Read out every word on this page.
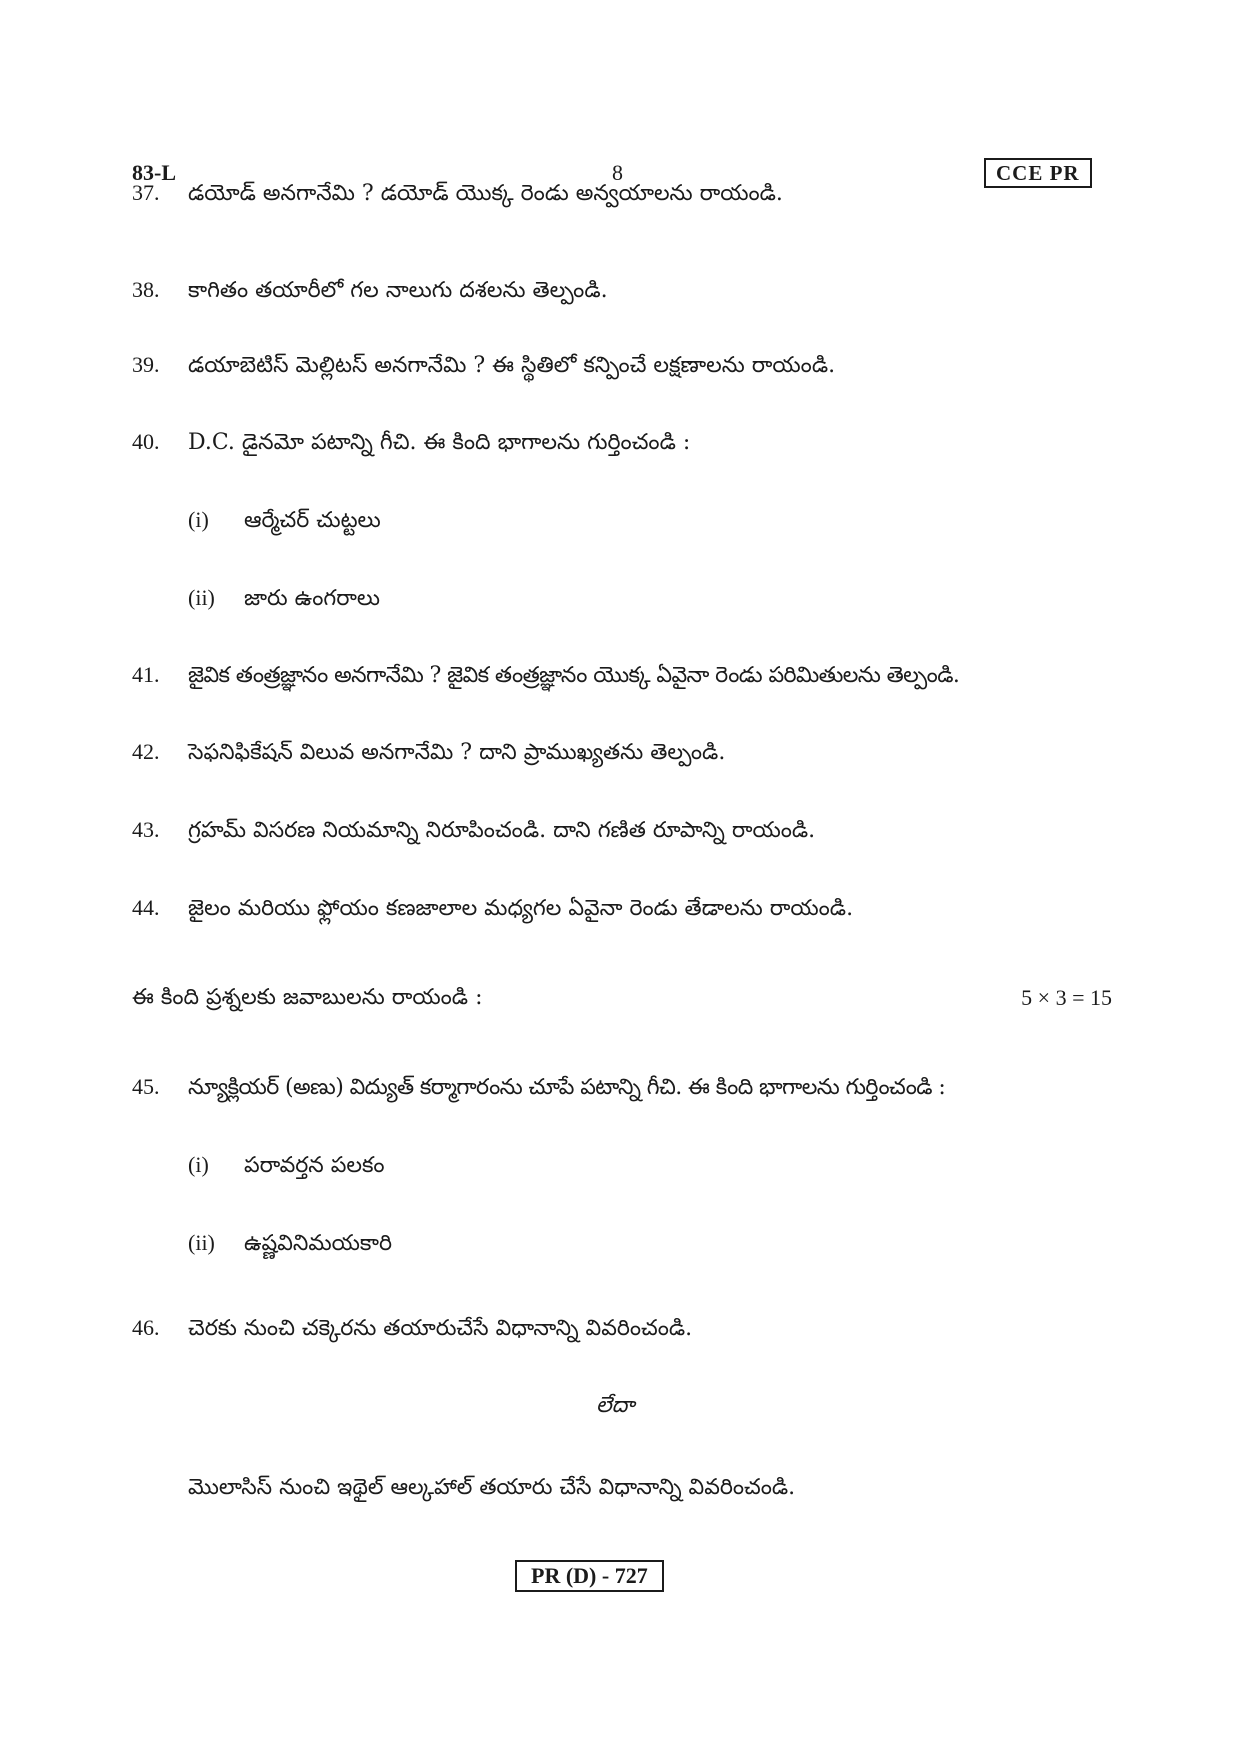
83-L	8	CCE PR
37. డయోడ్ అనగానేమి ? డయోడ్ యొక్క రెండు అన్వయాలను రాయండి.
38. కాగితం తయారీలో గల నాలుగు దశలను తెల్పండి.
39. డయాబెటిస్ మెల్లిటస్ అనగానేమి ? ఈ స్థితిలో కన్పించే లక్షణాలను రాయండి.
40. D.C. డైనమో పటాన్ని గీచి. ఈ కింది భాగాలను గుర్తించండి :
(i) ఆర్మేచర్ చుట్టలు
(ii) జారు ఉంగరాలు
41. జైవిక తంత్రజ్ఞానం అనగానేమి ? జైవిక తంత్రజ్ఞానం యొక్క ఏవైనా రెండు పరిమితులను తెల్పండి.
42. సెఫనిఫికేషన్ విలువ అనగానేమి ? దాని ప్రాముఖ్యతను తెల్పండి.
43. గ్రహమ్ విసరణ నియమాన్ని నిరూపించండి. దాని గణిత రూపాన్ని రాయండి.
44. జైలం మరియు ఫ్లోయం కణజాలాల మధ్యగల ఏవైనా రెండు తేడాలను రాయండి.
ఈ కింది ప్రశ్నలకు జవాబులను రాయండి :	5 × 3 = 15
45. న్యూక్లియర్ (అణు) విద్యుత్ కర్మాగారంను చూపే పటాన్ని గీచి. ఈ కింది భాగాలను గుర్తించండి :
(i) పరావర్తన పలకం
(ii) ఉష్ణవినిమయకారి
46. చెరకు నుంచి చక్కెరను తయారుచేసే విధానాన్ని వివరించండి.
లేదా
మొలాసిస్ నుంచి ఇథైల్ ఆల్కహాల్ తయారు చేసే విధానాన్ని వివరించండి.
PR (D) - 727
